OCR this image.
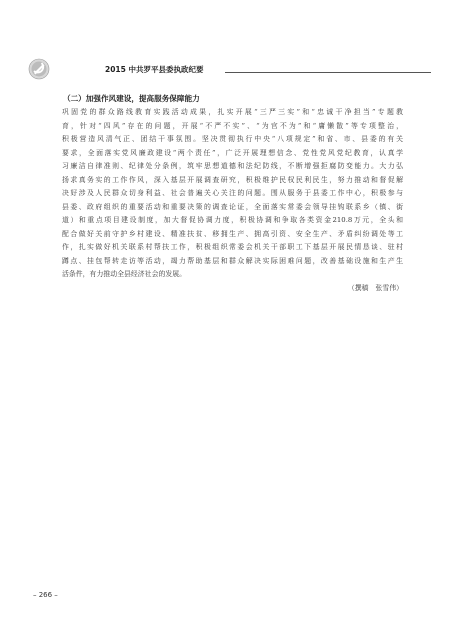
2015 中共罗平县委执政纪要
（二）加强作风建设，提高服务保障能力
巩固党的群众路线教育实践活动成果，扎实开展“三严三实”和“忠诚干净担当”专题教
育，针对“四风”存在的问题，开展“不严不实”、“为官不为”和“庸懒散”等专项整治，
积极营造风清气正、团结干事氛围。坚决贯彻执行中央“八项规定”和省、市、县委的有关
要求，全面落实党风廉政建设“两个责任”，广泛开展理想信念、党性党风党纪教育，认真学
习廉洁自律准则、纪律处分条例，筑牢思想道德和法纪防线，不断增强拒腐防变能力。大力弘
扬求真务实的工作作风，深入基层开展调查研究，积极维护民权民利民生，努力推动和督促解
决好涉及人民群众切身利益、社会普遍关心关注的问题。围从服务于县委工作中心，积极参与
县委、政府组织的重要活动和重要决策的调查论证，全面落实常委会领导挂钩联系乡（镇、街
道）和重点项目建设制度，加大督促协调力度，积极协调和争取各类资金210.8万元，全头和
配合做好关前守护乡村建设、精准扶贫、移拥生产、拥高引资、安全生产、矛盾纠纷调处等工
作，扎实做好机关联系村帮扶工作，积极组织常委会机关干部职工下基层开展民情恳谈、驻村
蹲点、挂包帮转走访等活动，竭力帮助基层和群众解决实际困难问题，改善基础设施和生产生
活条件，有力推动全县经济社会的发展。
（撰稿　张雪伟）
– 266 –
